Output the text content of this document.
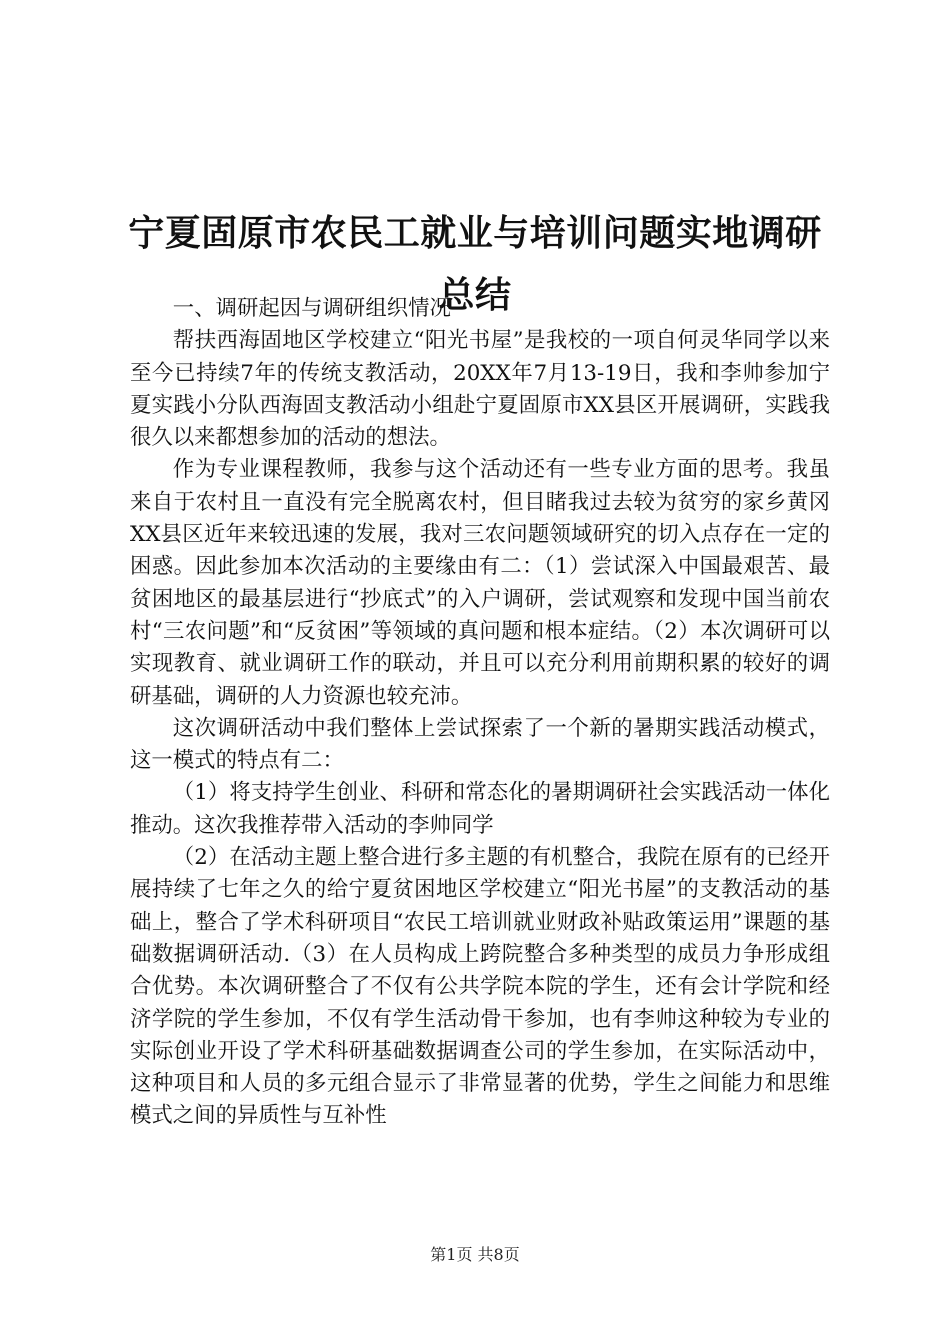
宁夏固原市农民工就业与培训问题实地调研总结

一、调研起因与调研组织情况

帮扶西海固地区学校建立“阳光书屋”是我校的一项自何灵华同学以来至今已持续7年的传统支教活动，20XX年7月13-19日，我和李帅参加宁夏实践小分队西海固支教活动小组赴宁夏固原市XX县区开展调研，实践我很久以来都想参加的活动的想法。

作为专业课程教师，我参与这个活动还有一些专业方面的思考。我虽来自于农村且一直没有完全脱离农村，但目睹我过去较为贫穷的家乡黄冈XX县区近年来较迅速的发展，我对三农问题领域研究的切入点存在一定的困惑。因此参加本次活动的主要缘由有二：（1）尝试深入中国最艰苦、最贫困地区的最基层进行“抄底式”的入户调研，尝试观察和发现中国当前农村“三农问题”和“反贫困”等领域的真问题和根本症结。（2）本次调研可以实现教育、就业调研工作的联动，并且可以充分利用前期积累的较好的调研基础，调研的人力资源也较充沛。

这次调研活动中我们整体上尝试探索了一个新的暑期实践活动模式，这一模式的特点有二：

（1）将支持学生创业、科研和常态化的暑期调研社会实践活动一体化推动。这次我推荐带入活动的李帅同学

（2）在活动主题上整合进行多主题的有机整合，我院在原有的已经开展持续了七年之久的给宁夏贫困地区学校建立“阳光书屋”的支教活动的基础上，整合了学术科研项目“农民工培训就业财政补贴政策运用”课题的基础数据调研活动.（3）在人员构成上跨院整合多种类型的成员力争形成组合优势。本次调研整合了不仅有公共学院本院的学生，还有会计学院和经济学院的学生参加，不仅有学生活动骨干参加，也有李帅这种较为专业的实际创业开设了学术科研基础数据调查公司的学生参加，在实际活动中，这种项目和人员的多元组合显示了非常显著的优势，学生之间能力和思维模式之间的异质性与互补性

第1页 共8页
